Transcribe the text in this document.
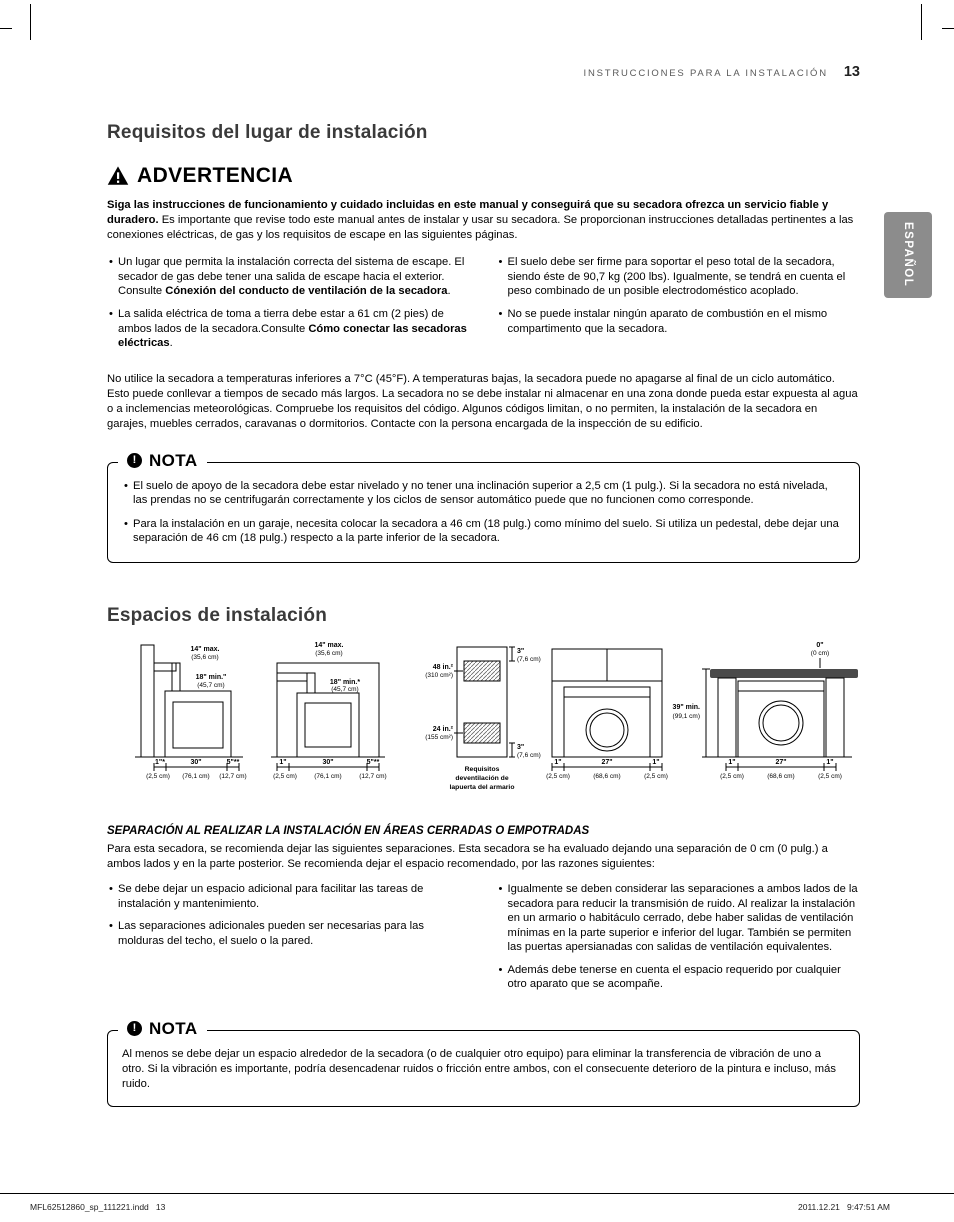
INSTRUCCIONES PARA LA INSTALACIÓN 13
ESPAÑOL
Requisitos del lugar de instalación
ADVERTENCIA

Siga las instrucciones de funcionamiento y cuidado incluidas en este manual y conseguirá que su secadora ofrezca un servicio fiable y duradero. Es importante que revise todo este manual antes de instalar y usar su secadora. Se proporcionan instrucciones detalladas pertinentes a las conexiones eléctricas, de gas y los requisitos de escape en las siguientes páginas.

• Un lugar que permita la instalación correcta del sistema de escape. El secador de gas debe tener una salida de escape hacia el exterior. Consulte Cónexión del conducto de ventilación de la secadora.
• La salida eléctrica de toma a tierra debe estar a 61 cm (2 pies) de ambos lados de la secadora.Consulte Cómo conectar las secadoras eléctricas.
• El suelo debe ser firme para soportar el peso total de la secadora, siendo éste de 90,7 kg (200 lbs). Igualmente, se tendrá en cuenta el peso combinado de un posible electrodoméstico acoplado.
• No se puede instalar ningún aparato de combustión en el mismo compartimento que la secadora.

No utilice la secadora a temperaturas inferiores a 7°C (45°F). A temperaturas bajas, la secadora puede no apagarse al final de un ciclo automático. Esto puede conllevar a tiempos de secado más largos. La secadora no se debe instalar ni almacenar en una zona donde pueda estar expuesta al agua o a inclemencias meteorológicas. Compruebe los requisitos del código. Algunos códigos limitan, o no permiten, la instalación de la secadora en garajes, muebles cerrados, caravanas o dormitorios. Contacte con la persona encargada de la inspección de su edificio.

! NOTA
• El suelo de apoyo de la secadora debe estar nivelado y no tener una inclinación superior a 2,5 cm (1 pulg.). Si la secadora no está nivelada, las prendas no se centrifugarán correctamente y los ciclos de sensor automático puede que no funcionen como corresponde.
• Para la instalación en un garaje, necesita colocar la secadora a 46 cm (18 pulg.) como mínimo del suelo. Si utiliza un pedestal, debe dejar una separación de 46 cm (18 pulg.) respecto a la parte inferior de la secadora.
Espacios de instalación
14" max.
(35,6 cm)
18" min."
(45,7 cm)
1"*	30"	5"**
(2,5 cm) (76,1 cm) (12,7 cm)
14" max.
(35,6 cm)
18" min.*
(45,7 cm)
1"	30"	5"**
(2,5 cm)	(76,1 cm)	(12,7 cm)
3"
(7,6 cm)
48 in.²
(310 cm²)
24 in.²
(155 cm²)
3"
(7,6 cm)
Requisitos
deventilación de
lapuerta del armario
1"	27"	1"
(2,5 cm)	(68,6 cm)	(2,5 cm)
0"
(0 cm)
39" min.
(99,1 cm)
1"	27"	1"
(2,5 cm)	(68,6 cm)	(2,5 cm)
SEPARACIÓN AL REALIZAR LA INSTALACIÓN EN ÁREAS CERRADAS O EMPOTRADAS

Para esta secadora, se recomienda dejar las siguientes separaciones. Esta secadora se ha evaluado dejando una separación de 0 cm (0 pulg.) a ambos lados y en la parte posterior. Se recomienda dejar el espacio recomendado, por las razones siguientes:

• Se debe dejar un espacio adicional para facilitar las tareas de instalación y mantenimiento.
• Las separaciones adicionales pueden ser necesarias para las molduras del techo, el suelo o la pared.
• Igualmente se deben considerar las separaciones a ambos lados de la secadora para reducir la transmisión de ruido. Al realizar la instalación en un armario o habitáculo cerrado, debe haber salidas de ventilación mínimas en la parte superior e inferior del lugar. También se permiten las puertas apersianadas con salidas de ventilación equivalentes.
• Además debe tenerse en cuenta el espacio requerido por cualquier otro aparato que se acompañe.
! NOTA

Al menos se debe dejar un espacio alrededor de la secadora (o de cualquier otro equipo) para eliminar la transferencia de vibración de uno a otro. Si la vibración es importante, podría desencadenar ruidos o fricción entre ambos, con el consecuente deterioro de la pintura e incluso, más ruido.

MFL62512860_sp_111221.indd   13	2011.12.21   9:47:51 AM
